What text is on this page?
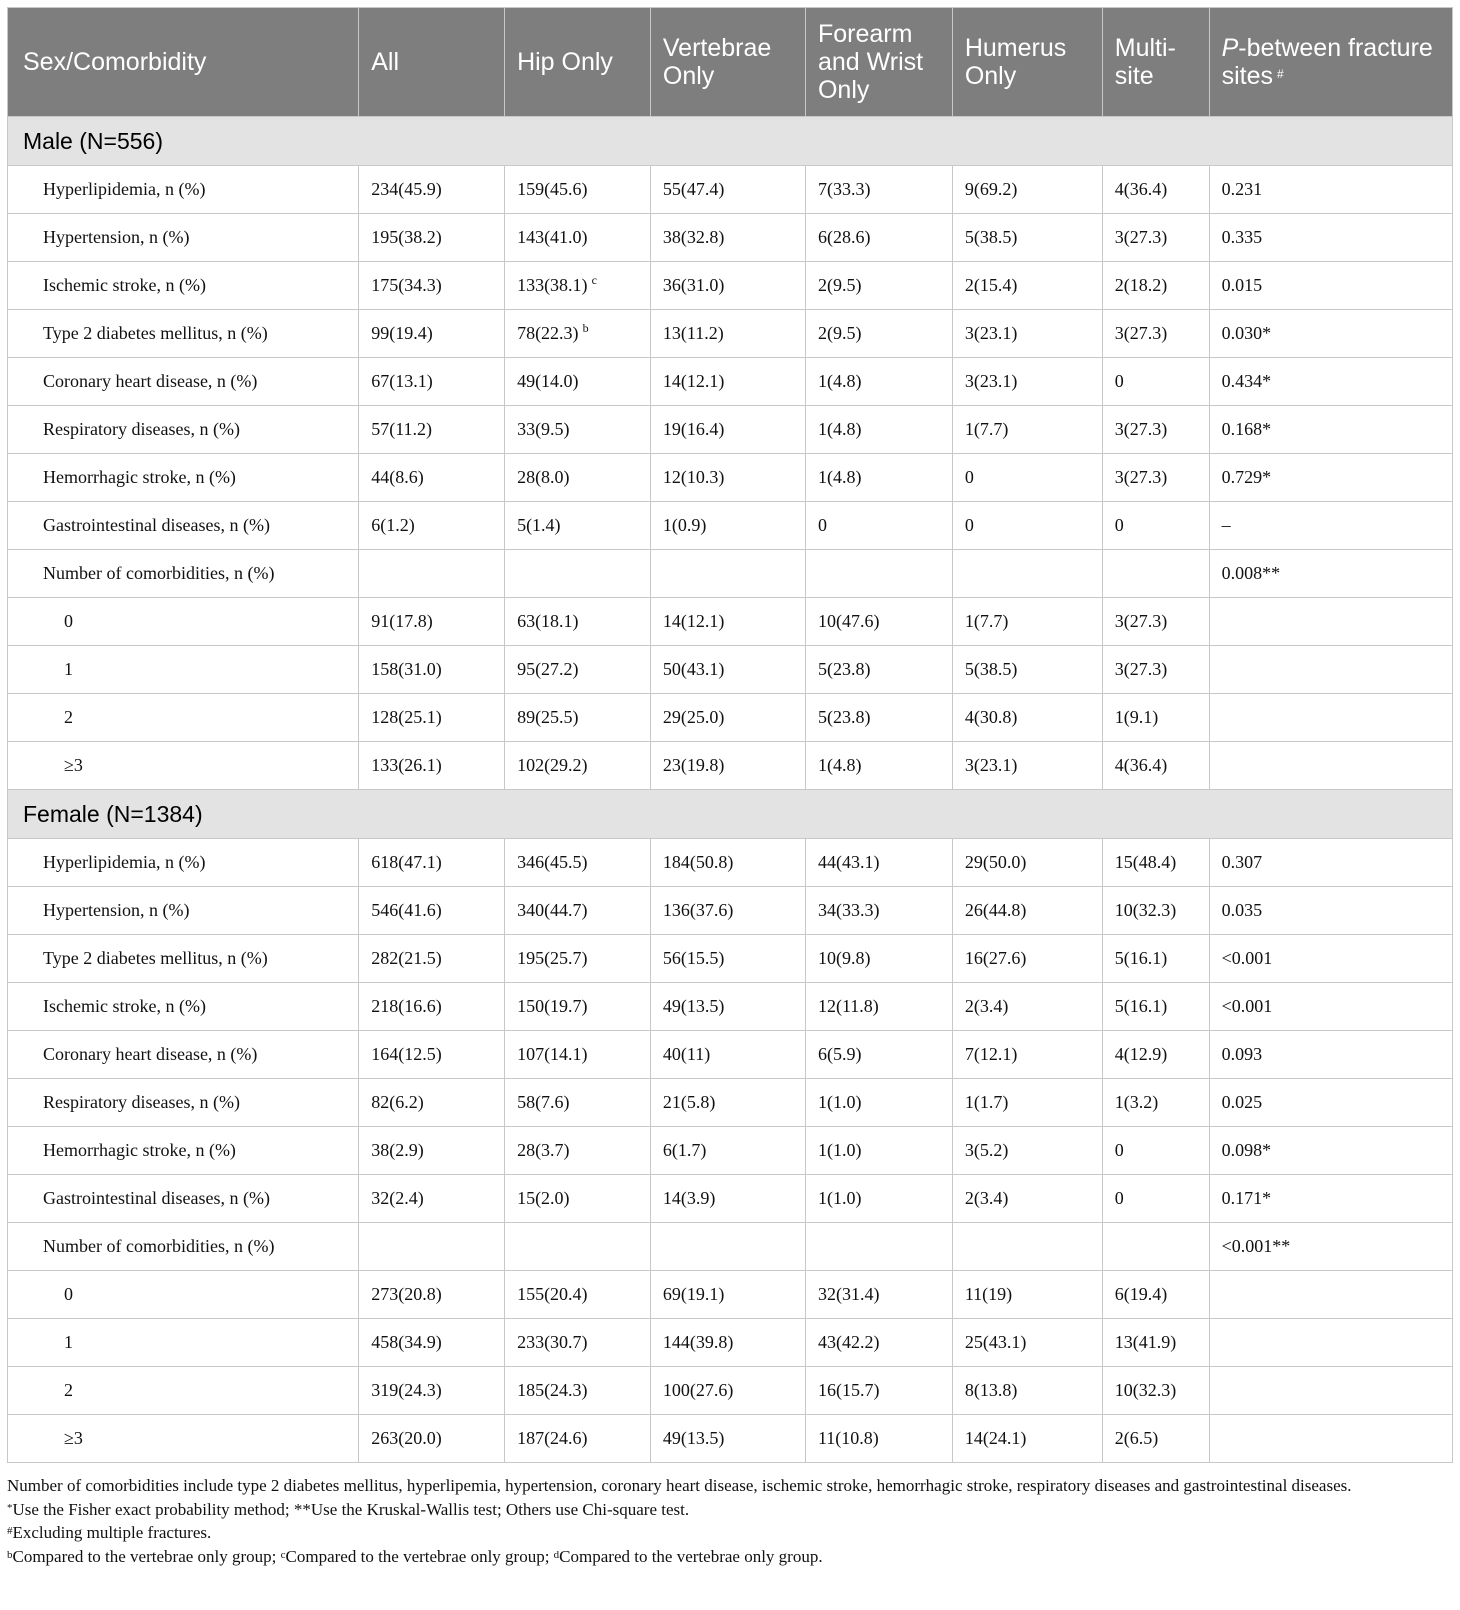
Sex/Comorbidity	All	Hip Only	Vertebrae Only	Forearm and Wrist Only	Humerus Only	Multi-site	P-between fracture sites #
Male (N=556)							
Hyperlipidemia, n (%)	234(45.9)	159(45.6)	55(47.4)	7(33.3)	9(69.2)	4(36.4)	0.231
Hypertension, n (%)	195(38.2)	143(41.0)	38(32.8)	6(28.6)	5(38.5)	3(27.3)	0.335
Ischemic stroke, n (%)	175(34.3)	133(38.1) $^c$	36(31.0)	2(9.5)	2(15.4)	2(18.2)	0.015
Type 2 diabetes mellitus, n (%)	99(19.4)	78(22.3) $^b$	13(11.2)	2(9.5)	3(23.1)	3(27.3)	0.030*
Coronary heart disease, n (%)	67(13.1)	49(14.0)	14(12.1)	1(4.8)	3(23.1)	0	0.434*
Respiratory diseases, n (%)	57(11.2)	33(9.5)	19(16.4)	1(4.8)	1(7.7)	3(27.3)	0.168*
Hemorrhagic stroke, n (%)	44(8.6)	28(8.0)	12(10.3)	1(4.8)	0	3(27.3)	0.729*
Gastrointestinal diseases, n (%)	6(1.2)	5(1.4)	1(0.9)	0	0	0	–
Number of comorbidities, n (%)							0.008**
0	91(17.8)	63(18.1)	14(12.1)	10(47.6)	1(7.7)	3(27.3)	
1	158(31.0)	95(27.2)	50(43.1)	5(23.8)	5(38.5)	3(27.3)	
2	128(25.1)	89(25.5)	29(25.0)	5(23.8)	4(30.8)	1(9.1)	
≥3	133(26.1)	102(29.2)	23(19.8)	1(4.8)	3(23.1)	4(36.4)	
Female (N=1384)							
Hyperlipidemia, n (%)	618(47.1)	346(45.5)	184(50.8)	44(43.1)	29(50.0)	15(48.4)	0.307
Hypertension, n (%)	546(41.6)	340(44.7)	136(37.6)	34(33.3)	26(44.8)	10(32.3)	0.035
Type 2 diabetes mellitus, n (%)	282(21.5)	195(25.7)	56(15.5)	10(9.8)	16(27.6)	5(16.1)	<0.001
Ischemic stroke, n (%)	218(16.6)	150(19.7)	49(13.5)	12(11.8)	2(3.4)	5(16.1)	<0.001
Coronary heart disease, n (%)	164(12.5)	107(14.1)	40(11)	6(5.9)	7(12.1)	4(12.9)	0.093
Respiratory diseases, n (%)	82(6.2)	58(7.6)	21(5.8)	1(1.0)	1(1.7)	1(3.2)	0.025
Hemorrhagic stroke, n (%)	38(2.9)	28(3.7)	6(1.7)	1(1.0)	3(5.2)	0	0.098*
Gastrointestinal diseases, n (%)	32(2.4)	15(2.0)	14(3.9)	1(1.0)	2(3.4)	0	0.171*
Number of comorbidities, n (%)							<0.001**
0	273(20.8)	155(20.4)	69(19.1)	32(31.4)	11(19)	6(19.4)	
1	458(34.9)	233(30.7)	144(39.8)	43(42.2)	25(43.1)	13(41.9)	
2	319(24.3)	185(24.3)	100(27.6)	16(15.7)	8(13.8)	10(32.3)	
≥3	263(20.0)	187(24.6)	49(13.5)	11(10.8)	14(24.1)	2(6.5)	

Number of comorbidities include type 2 diabetes mellitus, hyperlipemia, hypertension, coronary heart disease, ischemic stroke, hemorrhagic stroke, respiratory diseases and gastrointestinal diseases.

*Use the Fisher exact probability method; **Use the Kruskal-Wallis test; Others use Chi-square test.

#Excluding multiple fractures.

$^b$Compared to the vertebrae only group; $^c$Compared to the vertebrae only group; $^d$Compared to the vertebrae only group.
